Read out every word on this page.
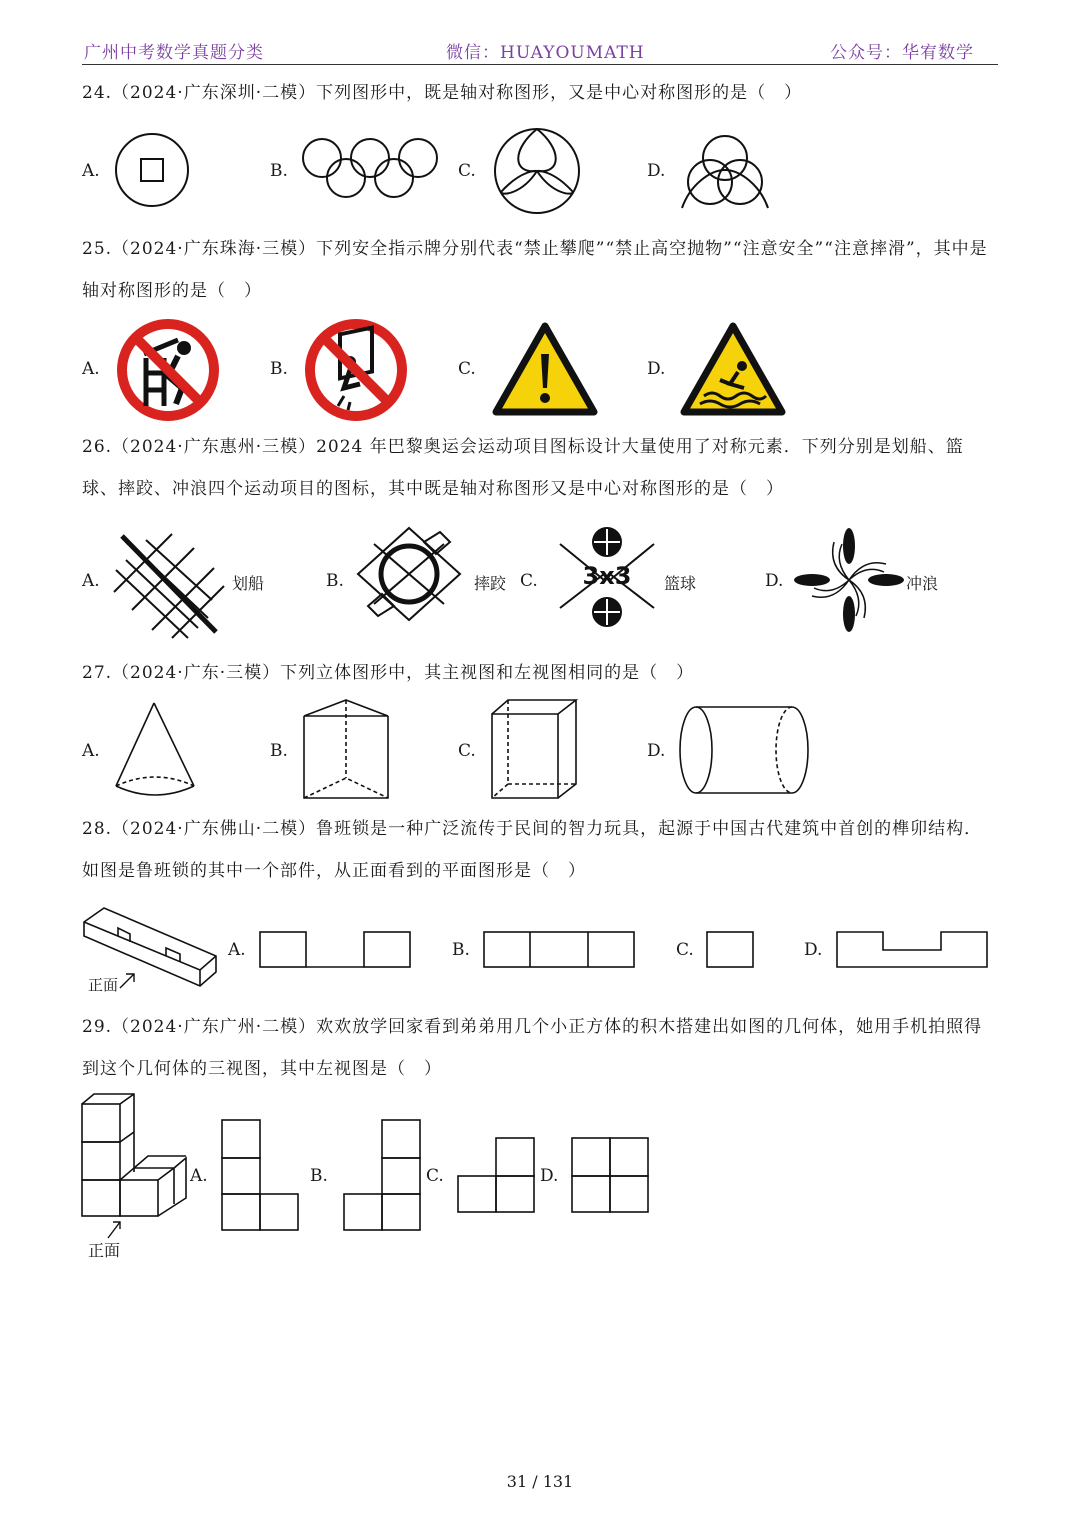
广州中考数学真题分类	微信：HUAYOUMATH	公众号：华宥数学
24.（2024·广东深圳·二模）下列图形中，既是轴对称图形，又是中心对称图形的是（　）
A.	B.	C.	D.
25.（2024·广东珠海·三模）下列安全指示牌分别代表“禁止攀爬”“禁止高空抛物”“注意安全”“注意摔滑”，其中是轴对称图形的是（　）
A.	B.	C.	D.
26.（2024·广东惠州·三模）2024 年巴黎奥运会运动项目图标设计大量使用了对称元素．下列分别是划船、篮球、摔跤、冲浪四个运动项目的图标，其中既是轴对称图形又是中心对称图形的是（　）
A.	B.	C.	D.
划船	摔跤	篮球	冲浪
3x3
27.（2024·广东·三模）下列立体图形中，其主视图和左视图相同的是（　）
A.	B.	C.	D.
28.（2024·广东佛山·二模）鲁班锁是一种广泛流传于民间的智力玩具，起源于中国古代建筑中首创的榫卯结构．如图是鲁班锁的其中一个部件，从正面看到的平面图形是（　）
正面
A.	B.	C.	D.
29.（2024·广东广州·二模）欢欢放学回家看到弟弟用几个小正方体的积木搭建出如图的几何体，她用手机拍照得到这个几何体的三视图，其中左视图是（　）
正面
A.	B.	C.	D.
31 / 131
